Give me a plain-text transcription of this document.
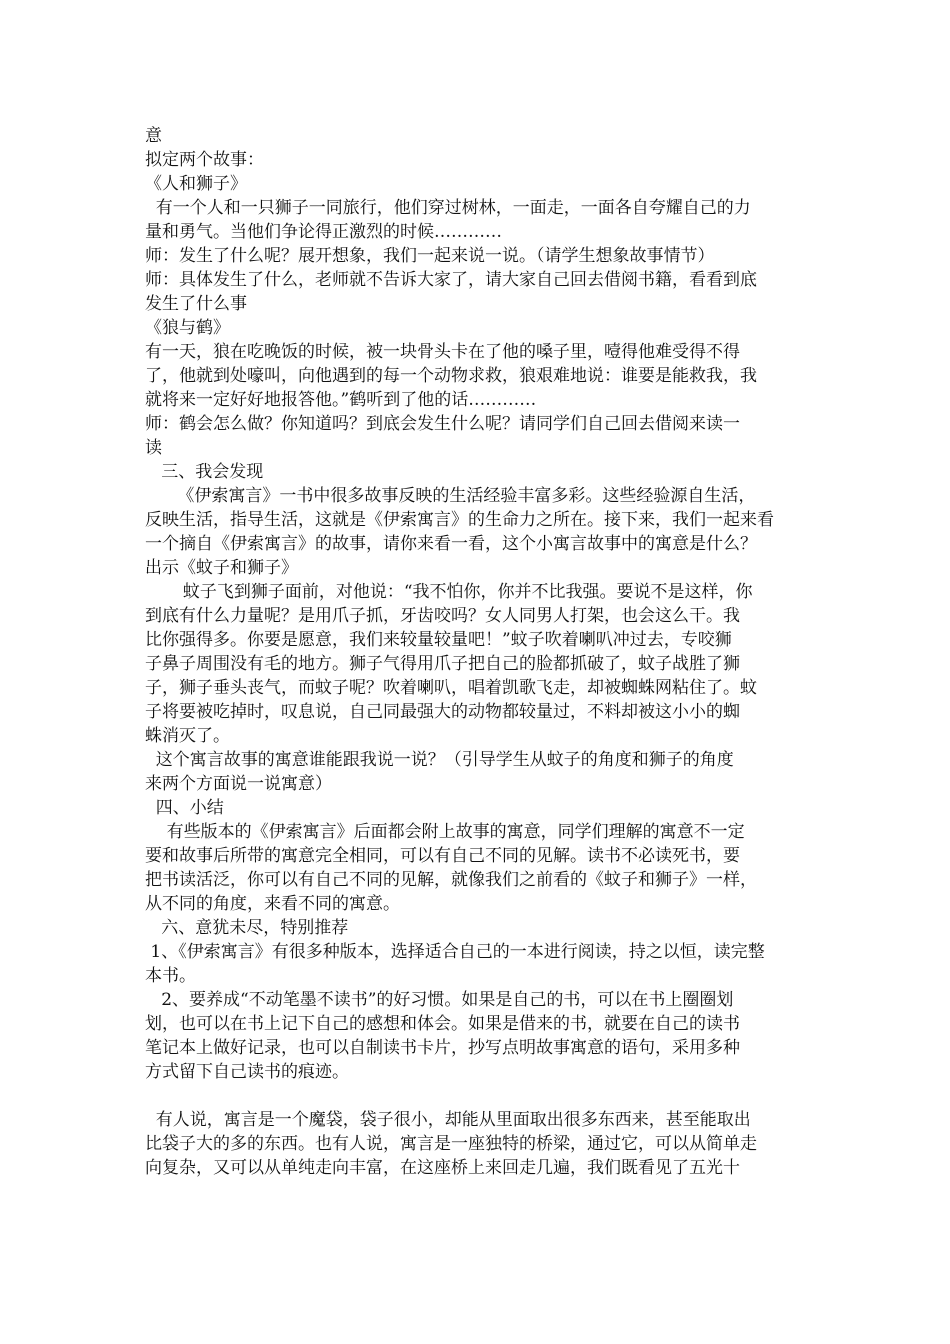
意
拟定两个故事：
《人和狮子》
有一个人和一只狮子一同旅行，他们穿过树林，一面走，一面各自夸耀自己的力
量和勇气。当他们争论得正激烈的时候…………
师：发生了什么呢？展开想象，我们一起来说一说。（请学生想象故事情节）
师：具体发生了什么，老师就不告诉大家了，请大家自己回去借阅书籍，看看到底
发生了什么事
《狼与鹤》
有一天，狼在吃晚饭的时候，被一块骨头卡在了他的嗓子里，噎得他难受得不得
了，他就到处嚎叫，向他遇到的每一个动物求救，狼艰难地说：谁要是能救我，我
就将来一定好好地报答他。”鹤听到了他的话…………
师：鹤会怎么做？你知道吗？到底会发生什么呢？请同学们自己回去借阅来读一
读
三、我会发现
《伊索寓言》一书中很多故事反映的生活经验丰富多彩。这些经验源自生活，
反映生活，指导生活，这就是《伊索寓言》的生命力之所在。接下来，我们一起来看
一个摘自《伊索寓言》的故事，请你来看一看，这个小寓言故事中的寓意是什么？
出示《蚊子和狮子》
蚊子飞到狮子面前，对他说：“我不怕你，你并不比我强。要说不是这样，你
到底有什么力量呢？是用爪子抓，牙齿咬吗？女人同男人打架，也会这么干。我
比你强得多。你要是愿意，我们来较量较量吧！”蚊子吹着喇叭冲过去，专咬狮
子鼻子周围没有毛的地方。狮子气得用爪子把自己的脸都抓破了，蚊子战胜了狮
子，狮子垂头丧气，而蚊子呢？吹着喇叭，唱着凯歌飞走，却被蜘蛛网粘住了。蚊
子将要被吃掉时，叹息说，自己同最强大的动物都较量过，不料却被这小小的蜘
蛛消灭了。
这个寓言故事的寓意谁能跟我说一说？（引导学生从蚊子的角度和狮子的角度
来两个方面说一说寓意）
四、小结
有些版本的《伊索寓言》后面都会附上故事的寓意，同学们理解的寓意不一定
要和故事后所带的寓意完全相同，可以有自己不同的见解。读书不必读死书，要
把书读活泛，你可以有自己不同的见解，就像我们之前看的《蚊子和狮子》一样，
从不同的角度，来看不同的寓意。
六、意犹未尽，特别推荐
1、《伊索寓言》有很多种版本，选择适合自己的一本进行阅读，持之以恒，读完整
本书。
2、要养成“不动笔墨不读书”的好习惯。如果是自己的书，可以在书上圈圈划
划，也可以在书上记下自己的感想和体会。如果是借来的书，就要在自己的读书
笔记本上做好记录，也可以自制读书卡片，抄写点明故事寓意的语句，采用多种
方式留下自己读书的痕迹。
有人说，寓言是一个魔袋，袋子很小，却能从里面取出很多东西来，甚至能取出
比袋子大的多的东西。也有人说，寓言是一座独特的桥梁，通过它，可以从简单走
向复杂，又可以从单纯走向丰富，在这座桥上来回走几遍，我们既看见了五光十
